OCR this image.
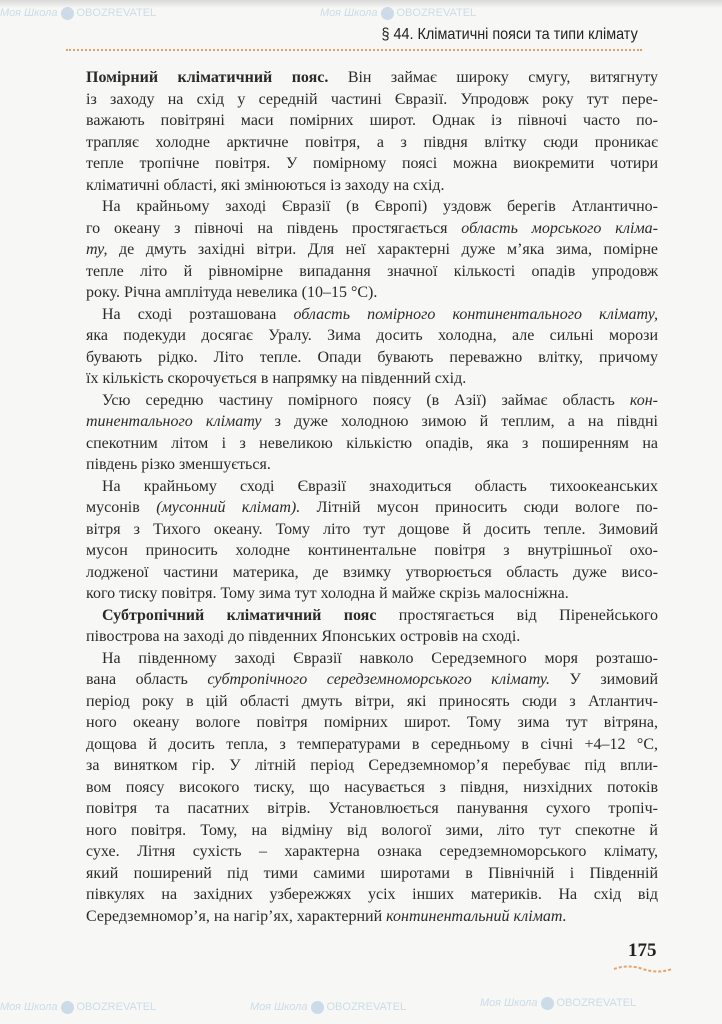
Моя Школа OBOZREVATEL	Моя Школа OBOZREVATEL
Моя Школа OBOZREVATEL	Моя Школа OBOZREVATEL	Моя Школа OBOZREVATEL
§ 44. Кліматичні пояси та типи клімату
Помірний кліматичний пояс. Він займає широку смугу, витягнуту
із заходу на схід у середній частині Євразії. Упродовж року тут пере-
важають повітряні маси помірних широт. Однак із півночі часто по-
трапляє холодне арктичне повітря, а з півдня влітку сюди проникає
тепле тропічне повітря. У помірному поясі можна виокремити чотири
кліматичні області, які змінюються із заходу на схід.
 На крайньому заході Євразії (в Європі) уздовж берегів Атлантично-
го океану з півночі на південь простягається область морського кліма-
ту, де дмуть західні вітри. Для неї характерні дуже м’яка зима, помірне
тепле літо й рівномірне випадання значної кількості опадів упродовж
року. Річна амплітуда невелика (10–15 °C).
 На сході розташована область помірного континентального клімату,
яка подекуди досягає Уралу. Зима досить холодна, але сильні морози
бувають рідко. Літо тепле. Опади бувають переважно влітку, причому
їх кількість скорочується в напрямку на південний схід.
 Усю середню частину помірного поясу (в Азії) займає область кон-
тинентального клімату з дуже холодною зимою й теплим, а на півдні
спекотним літом і з невеликою кількістю опадів, яка з поширенням на
південь різко зменшується.
 На крайньому сході Євразії знаходиться область тихоокеанських
мусонів (мусонний клімат). Літній мусон приносить сюди вологе по-
вітря з Тихого океану. Тому літо тут дощове й досить тепле. Зимовий
мусон приносить холодне континентальне повітря з внутрішньої охо-
лодженої частини материка, де взимку утворюється область дуже висо-
кого тиску повітря. Тому зима тут холодна й майже скрізь малосніжна.
 Субтропічний кліматичний пояс простягається від Піренейського
півострова на заході до південних Японських островів на сході.
 На південному заході Євразії навколо Середземного моря розташо-
вана область субтропічного середземноморського клімату. У зимовий
період року в цій області дмуть вітри, які приносять сюди з Атлантич-
ного океану вологе повітря помірних широт. Тому зима тут вітряна,
дощова й досить тепла, з температурами в середньому в січні +4–12 °C,
за винятком гір. У літній період Середземномор’я перебуває під впли-
вом поясу високого тиску, що насувається з півдня, низхідних потоків
повітря та пасатних вітрів. Установлюється панування сухого тропіч-
ного повітря. Тому, на відміну від вологої зими, літо тут спекотне й
сухе. Літня сухість – характерна ознака середземноморського клімату,
який поширений під тими самими широтами в Північній і Південній
півкулях на західних узбережжях усіх інших материків. На схід від
Середземномор’я, на нагір’ях, характерний континентальний клімат.
175
